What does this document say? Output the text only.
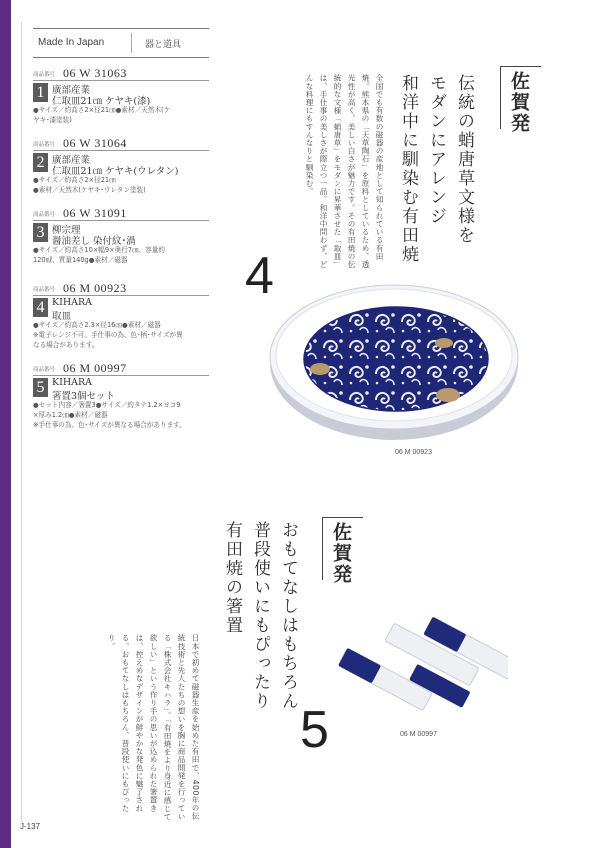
Made In Japan	器と道具
商品番号 06 W 31063
1 廣部産業
仁取皿21㎝ ケヤキ(漆)
●サイズ／約高さ2×径21㎝●素材／天然木(ケ
ヤキ･漆塗装)
商品番号 06 W 31064
2 廣部産業
仁取皿21㎝ ケヤキ(ウレタン)
●サイズ／約高さ2×径21㎝
●素材／天然木(ケヤキ･ウレタン塗装)
商品番号 06 W 31091
3 柳宗理
醤油差し 染付紋･渦
●サイズ／約高さ10×幅9×奥行7㎝、容量約
120㎖、質量140g●素材／磁器
商品番号 06 M 00923
4 KIHARA
取皿
●サイズ／約高さ2.3×径16㎝●素材／磁器
※電子レンジ不可。手仕事の為、色･柄･サイズが異
なる場合があります。
商品番号 06 M 00997
5 KIHARA
箸置3個セット
●セット内容／箸置3●サイズ／約タテ1.2×ヨコ9
×厚み1.2㎝●素材／磁器
※手仕事の為、色･サイズが異なる場合があります。
佐賀発
伝統の蛸唐草文様を
モダンにアレンジ
和洋中に馴染む有田焼
全国でも有数の磁器の産地として知られている有田焼。熊本県の「天草陶石」を原料としているため、透光性が高く、美しい白さが魅力です。その有田焼の伝統的な文様「蛸唐草」をモダンに昇華させた「取皿」は、手仕事の美しさが際立つ一品。和洋中問わず、どんな料理にもすんなりと馴染む。
4
06 M 00923
佐賀発
おもてなしはもちろん
普段使いにもぴったり
有田焼の箸置
日本で初めて磁器生産を始めた有田で、400年の伝統技術と先人たちの想いを胸に商品開発を行っている「株式会社キハラ」。「有田焼をより身近に感じて欲しい」という作り手の思いが込められた箸置きは、控えめなデザインが鮮やかな発色に魅了される。おもてなしはもちろん、普段使いにもぴったり。
5	06 M 00997
J-137
